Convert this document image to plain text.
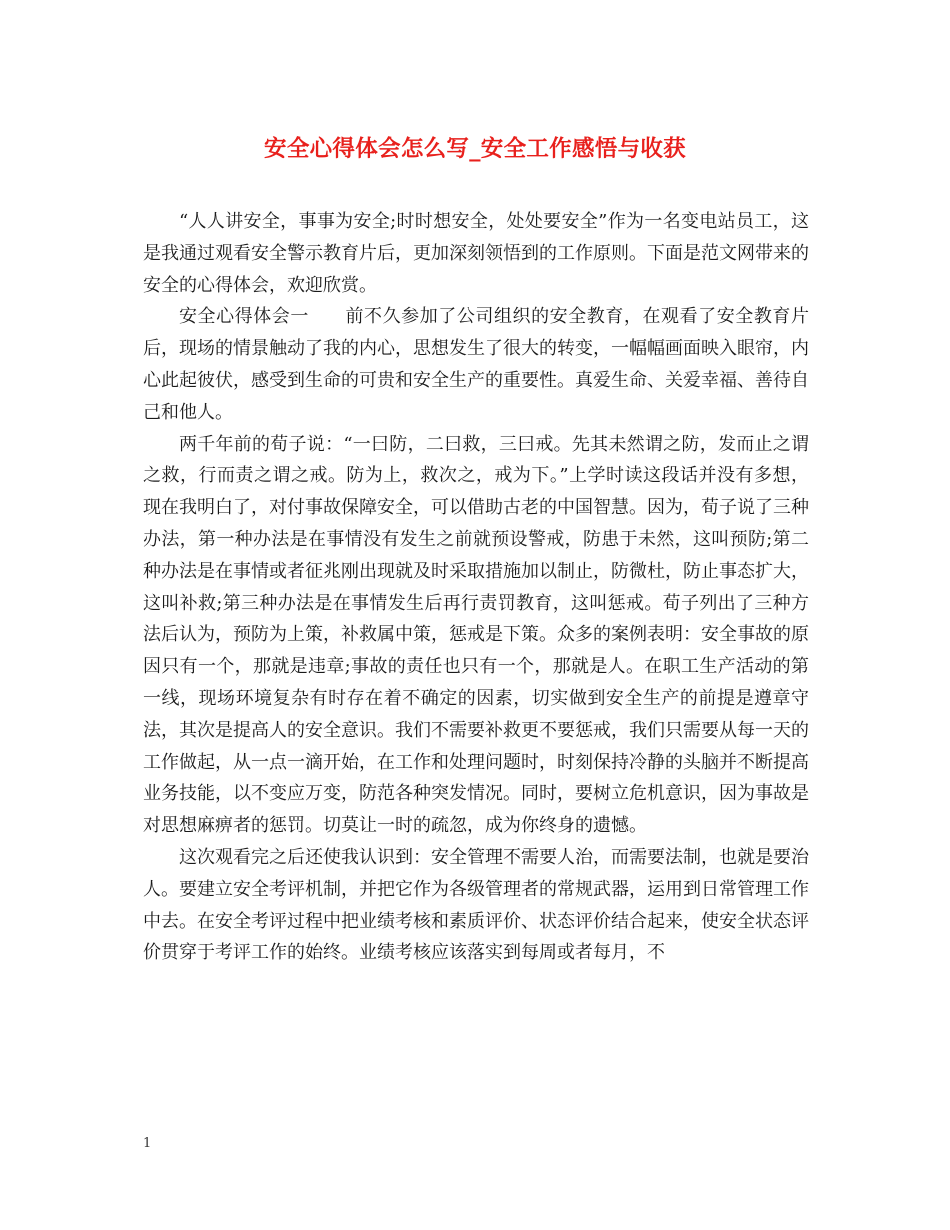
安全心得体会怎么写_安全工作感悟与收获

“人人讲安全，事事为安全;时时想安全，处处要安全”作为一名变电站员工，这是我通过观看安全警示教育片后，更加深刻领悟到的工作原则。下面是范文网带来的安全的心得体会，欢迎欣赏。

安全心得体会一 前不久参加了公司组织的安全教育，在观看了安全教育片后，现场的情景触动了我的内心，思想发生了很大的转变，一幅幅画面映入眼帘，内心此起彼伏，感受到生命的可贵和安全生产的重要性。真爱生命、关爱幸福、善待自己和他人。

两千年前的荀子说：“一曰防，二曰救，三曰戒。先其未然谓之防，发而止之谓之救，行而责之谓之戒。防为上，救次之，戒为下。”上学时读这段话并没有多想，现在我明白了，对付事故保障安全，可以借助古老的中国智慧。因为，荀子说了三种办法，第一种办法是在事情没有发生之前就预设警戒，防患于未然，这叫预防;第二种办法是在事情或者征兆刚出现就及时采取措施加以制止，防微杜，防止事态扩大，这叫补救;第三种办法是在事情发生后再行责罚教育，这叫惩戒。荀子列出了三种方法后认为，预防为上策，补救属中策，惩戒是下策。众多的案例表明：安全事故的原因只有一个，那就是违章;事故的责任也只有一个，那就是人。在职工生产活动的第一线，现场环境复杂有时存在着不确定的因素，切实做到安全生产的前提是遵章守法，其次是提高人的安全意识。我们不需要补救更不要惩戒，我们只需要从每一天的工作做起，从一点一滴开始，在工作和处理问题时，时刻保持冷静的头脑并不断提高业务技能，以不变应万变，防范各种突发情况。同时，要树立危机意识，因为事故是对思想麻痹者的惩罚。切莫让一时的疏忽，成为你终身的遗憾。

这次观看完之后还使我认识到：安全管理不需要人治，而需要法制，也就是要治人。要建立安全考评机制，并把它作为各级管理者的常规武器，运用到日常管理工作中去。在安全考评过程中把业绩考核和素质评价、状态评价结合起来，使安全状态评价贯穿于考评工作的始终。业绩考核应该落实到每周或者每月，不

1
